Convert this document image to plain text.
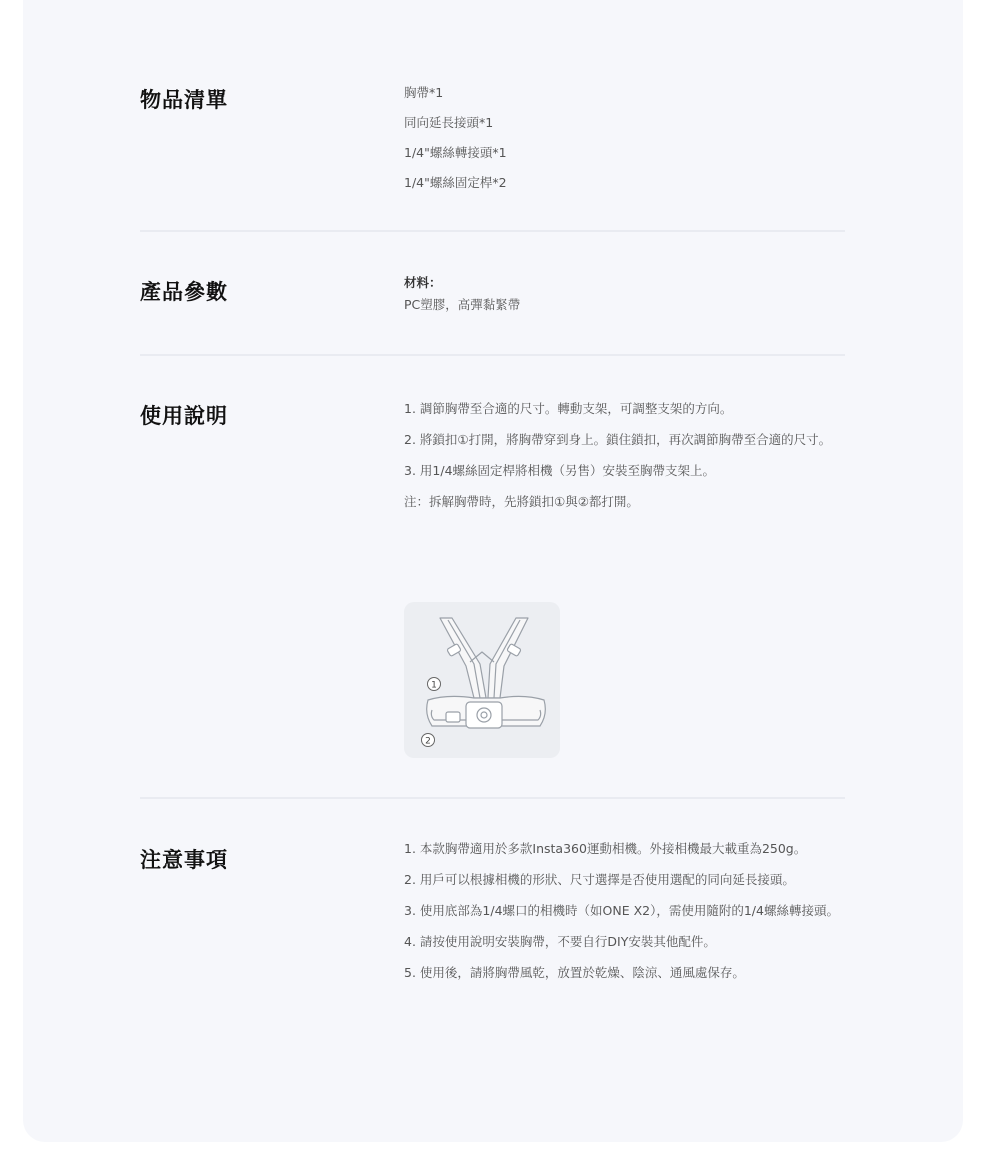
物品清單	胸帶*1
同向延長接頭*1
1/4"螺絲轉接頭*1
1/4"螺絲固定桿*2
產品參數	材料：
PC塑膠，高彈黏緊帶
使用說明	1. 調節胸帶至合適的尺寸。轉動支架，可調整支架的方向。
2. 將鎖扣①打開，將胸帶穿到身上。鎖住鎖扣，再次調節胸帶至合適的尺寸。
3. 用1/4螺絲固定桿將相機（另售）安裝至胸帶支架上。
注：拆解胸帶時，先將鎖扣①與②都打開。
1
2
注意事項	1. 本款胸帶適用於多款Insta360運動相機。外接相機最大載重為250g。
2. 用戶可以根據相機的形狀、尺寸選擇是否使用選配的同向延長接頭。
3. 使用底部為1/4螺口的相機時（如ONE X2），需使用隨附的1/4螺絲轉接頭。
4. 請按使用說明安裝胸帶，不要自行DIY安裝其他配件。
5. 使用後，請將胸帶風乾，放置於乾燥、陰涼、通風處保存。
